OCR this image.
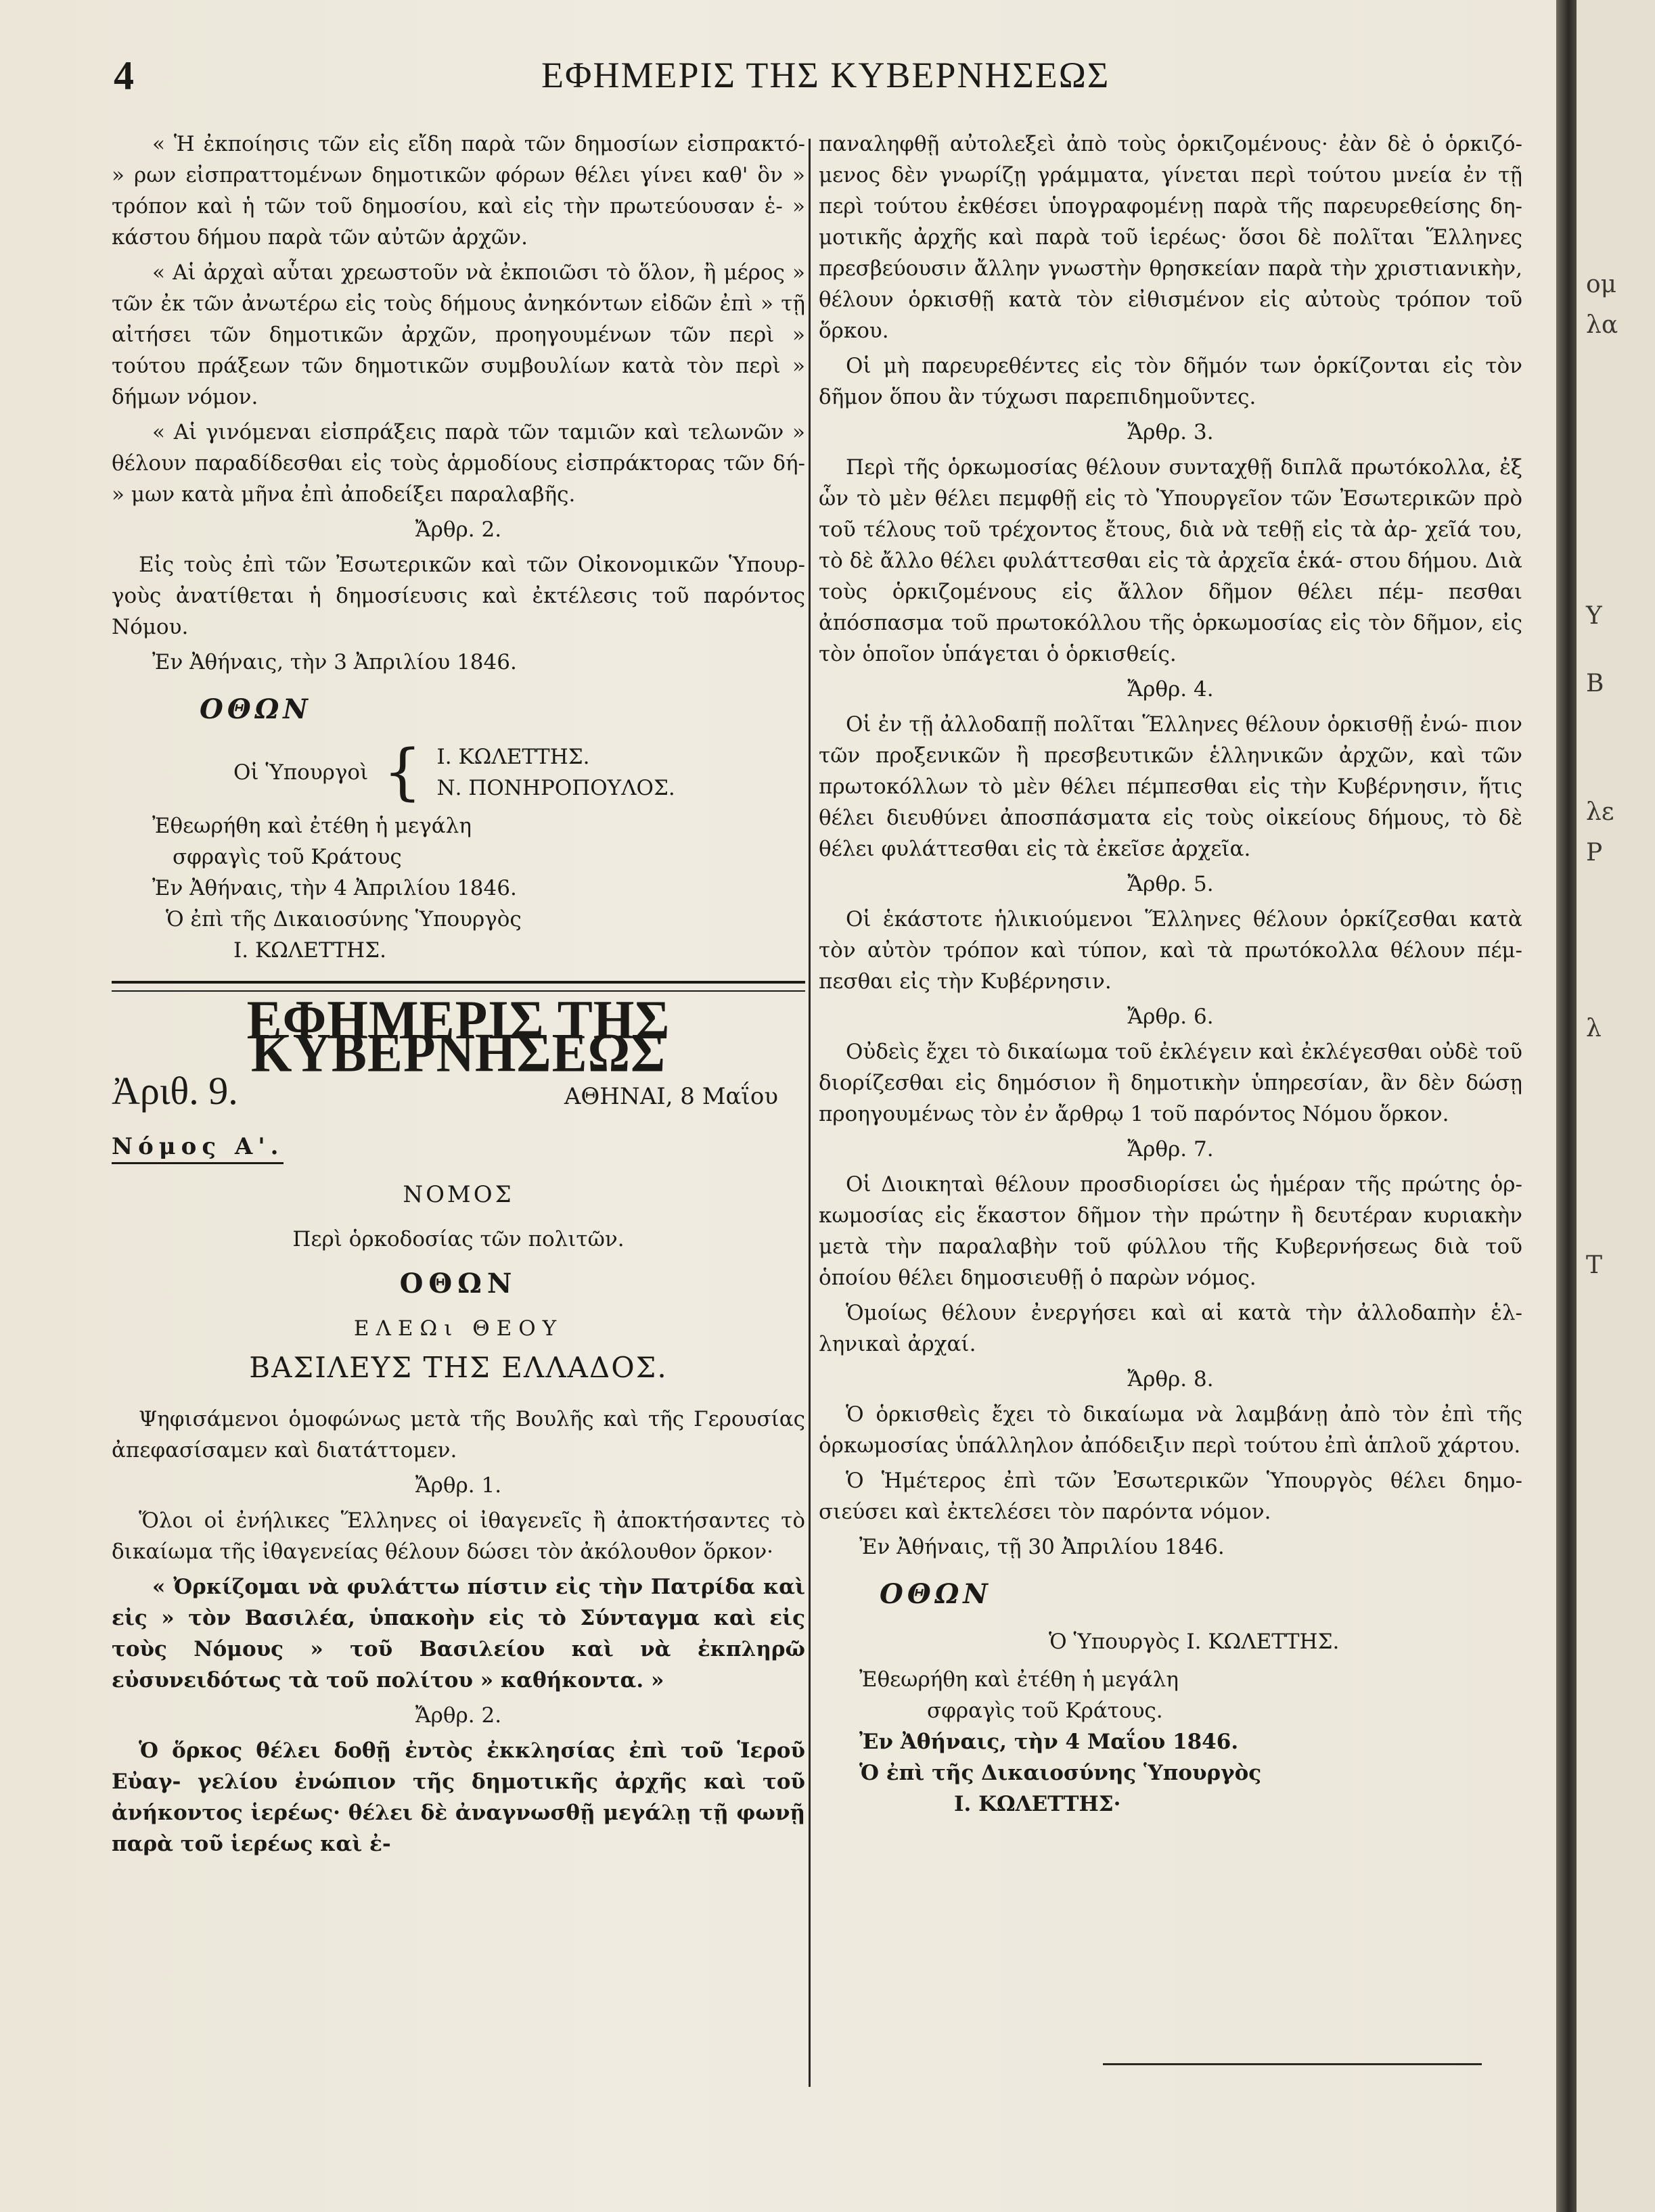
4	ΕΦΗΜΕΡΙΣ ΤΗΣ ΚΥΒΕΡΝΗΣΕΩΣ

« Ἡ ἐκποίησις τῶν εἰς εἴδη παρὰ τῶν δημοσίων εἰσπρακτό- » ρων εἰσπραττομένων δημοτικῶν φόρων θέλει γίνει καθ' ὃν » τρόπον καὶ ἡ τῶν τοῦ δημοσίου, καὶ εἰς τὴν πρωτεύουσαν ἑ- » κάστου δήμου παρὰ τῶν αὐτῶν ἀρχῶν.

« Αἱ ἀρχαὶ αὗται χρεωστοῦν νὰ ἐκποιῶσι τὸ ὅλον, ἢ μέρος » τῶν ἐκ τῶν ἀνωτέρω εἰς τοὺς δήμους ἀνηκόντων εἰδῶν ἐπὶ » τῇ αἰτήσει τῶν δημοτικῶν ἀρχῶν, προηγουμένων τῶν περὶ » τούτου πράξεων τῶν δημοτικῶν συμβουλίων κατὰ τὸν περὶ » δήμων νόμον.

« Αἱ γινόμεναι εἰσπράξεις παρὰ τῶν ταμιῶν καὶ τελωνῶν » θέλουν παραδίδεσθαι εἰς τοὺς ἁρμοδίους εἰσπράκτορας τῶν δή- » μων κατὰ μῆνα ἐπὶ ἀποδείξει παραλαβῆς.

Ἄρθρ. 2.

Εἰς τοὺς ἐπὶ τῶν Ἐσωτερικῶν καὶ τῶν Οἰκονομικῶν Ὑπουρ- γοὺς ἀνατίθεται ἡ δημοσίευσις καὶ ἐκτέλεσις τοῦ παρόντος Νόμου.

Ἐν Ἀθήναις, τὴν 3 Ἀπριλίου 1846.

ΟΘΩΝ
Οἱ Ὑπουργοὶ { Ι. ΚΩΛΕΤΤΗΣ.
Ν. ΠΟΝΗΡΟΠΟΥΛΟΣ.
Ἐθεωρήθη καὶ ἐτέθη ἡ μεγάλη
σφραγὶς τοῦ Κράτους
Ἐν Ἀθήναις, τὴν 4 Ἀπριλίου 1846.
Ὁ ἐπὶ τῆς Δικαιοσύνης Ὑπουργὸς
Ι. ΚΩΛΕΤΤΗΣ.
ΕΦΗΜΕΡΙΣ ΤΗΣ ΚΥΒΕΡΝΗΣΕΩΣ
Ἀριθ. 9.	ΑΘΗΝΑΙ, 8 Μαΐου
Νόμος Α'.

ΝΟΜΟΣ

Περὶ ὁρκοδοσίας τῶν πολιτῶν.

ΟΘΩΝ

ΕΛΕΩι ΘΕΟΥ

ΒΑΣΙΛΕΥΣ ΤΗΣ ΕΛΛΑΔΟΣ.

Ψηφισάμενοι ὁμοφώνως μετὰ τῆς Βουλῆς καὶ τῆς Γερουσίας ἀπεφασίσαμεν καὶ διατάττομεν.

Ἄρθρ. 1.

Ὅλοι οἱ ἐνήλικες Ἕλληνες οἱ ἰθαγενεῖς ἢ ἀποκτήσαντες τὸ δικαίωμα τῆς ἰθαγενείας θέλουν δώσει τὸν ἀκόλουθον ὅρκον·

« Ὀρκίζομαι νὰ φυλάττω πίστιν εἰς τὴν Πατρίδα καὶ εἰς » τὸν Βασιλέα, ὑπακοὴν εἰς τὸ Σύνταγμα καὶ εἰς τοὺς Νόμους » τοῦ Βασιλείου καὶ νὰ ἐκπληρῶ εὐσυνειδότως τὰ τοῦ πολίτου » καθήκοντα. »

Ἄρθρ. 2.

Ὁ ὅρκος θέλει δοθῇ ἐντὸς ἐκκλησίας ἐπὶ τοῦ Ἱεροῦ Εὐαγ- γελίου ἐνώπιον τῆς δημοτικῆς ἀρχῆς καὶ τοῦ ἀνήκοντος ἱερέως· θέλει δὲ ἀναγνωσθῇ μεγάλῃ τῇ φωνῇ παρὰ τοῦ ἱερέως καὶ ἐ-

παναληφθῇ αὐτολεξεὶ ἀπὸ τοὺς ὁρκιζομένους· ἐὰν δὲ ὁ ὁρκιζό- μενος δὲν γνωρίζῃ γράμματα, γίνεται περὶ τούτου μνεία ἐν τῇ περὶ τούτου ἐκθέσει ὑπογραφομένῃ παρὰ τῆς παρευρεθείσης δη- μοτικῆς ἀρχῆς καὶ παρὰ τοῦ ἱερέως· ὅσοι δὲ πολῖται Ἕλληνες πρεσβεύουσιν ἄλλην γνωστὴν θρησκείαν παρὰ τὴν χριστιανικὴν, θέλουν ὁρκισθῇ κατὰ τὸν εἰθισμένον εἰς αὐτοὺς τρόπον τοῦ ὅρκου.

Οἱ μὴ παρευρεθέντες εἰς τὸν δῆμόν των ὁρκίζονται εἰς τὸν δῆμον ὅπου ἂν τύχωσι παρεπιδημοῦντες.

Ἄρθρ. 3.

Περὶ τῆς ὁρκωμοσίας θέλουν συνταχθῇ διπλᾶ πρωτόκολλα, ἐξ ὧν τὸ μὲν θέλει πεμφθῇ εἰς τὸ Ὑπουργεῖον τῶν Ἐσωτερικῶν πρὸ τοῦ τέλους τοῦ τρέχοντος ἔτους, διὰ νὰ τεθῇ εἰς τὰ ἀρ- χεῖά του, τὸ δὲ ἄλλο θέλει φυλάττεσθαι εἰς τὰ ἀρχεῖα ἑκά- στου δήμου. Διὰ τοὺς ὁρκιζομένους εἰς ἄλλον δῆμον θέλει πέμ- πεσθαι ἀπόσπασμα τοῦ πρωτοκόλλου τῆς ὁρκωμοσίας εἰς τὸν δῆμον, εἰς τὸν ὁποῖον ὑπάγεται ὁ ὁρκισθείς.

Ἄρθρ. 4.

Οἱ ἐν τῇ ἀλλοδαπῇ πολῖται Ἕλληνες θέλουν ὁρκισθῇ ἐνώ- πιον τῶν προξενικῶν ἢ πρεσβευτικῶν ἑλληνικῶν ἀρχῶν, καὶ τῶν πρωτοκόλλων τὸ μὲν θέλει πέμπεσθαι εἰς τὴν Κυβέρνησιν, ἥτις θέλει διευθύνει ἀποσπάσματα εἰς τοὺς οἰκείους δήμους, τὸ δὲ θέλει φυλάττεσθαι εἰς τὰ ἐκεῖσε ἀρχεῖα.

Ἄρθρ. 5.

Οἱ ἑκάστοτε ἡλικιούμενοι Ἕλληνες θέλουν ὁρκίζεσθαι κατὰ τὸν αὐτὸν τρόπον καὶ τύπον, καὶ τὰ πρωτόκολλα θέλουν πέμ- πεσθαι εἰς τὴν Κυβέρνησιν.

Ἄρθρ. 6.

Οὐδεὶς ἔχει τὸ δικαίωμα τοῦ ἐκλέγειν καὶ ἐκλέγεσθαι οὐδὲ τοῦ διορίζεσθαι εἰς δημόσιον ἢ δημοτικὴν ὑπηρεσίαν, ἂν δὲν δώσῃ προηγουμένως τὸν ἐν ἄρθρῳ 1 τοῦ παρόντος Νόμου ὅρκον.

Ἄρθρ. 7.

Οἱ Διοικηταὶ θέλουν προσδιορίσει ὡς ἡμέραν τῆς πρώτης ὁρ- κωμοσίας εἰς ἕκαστον δῆμον τὴν πρώτην ἢ δευτέραν κυριακὴν μετὰ τὴν παραλαβὴν τοῦ φύλλου τῆς Κυβερνήσεως διὰ τοῦ ὁποίου θέλει δημοσιευθῇ ὁ παρὼν νόμος.

Ὁμοίως θέλουν ἐνεργήσει καὶ αἱ κατὰ τὴν ἀλλοδαπὴν ἑλ- ληνικαὶ ἀρχαί.

Ἄρθρ. 8.

Ὁ ὁρκισθεὶς ἔχει τὸ δικαίωμα νὰ λαμβάνῃ ἀπὸ τὸν ἐπὶ τῆς ὁρκωμοσίας ὑπάλληλον ἀπόδειξιν περὶ τούτου ἐπὶ ἁπλοῦ χάρτου.

Ὁ Ἡμέτερος ἐπὶ τῶν Ἐσωτερικῶν Ὑπουργὸς θέλει δημο- σιεύσει καὶ ἐκτελέσει τὸν παρόντα νόμον.

Ἐν Ἀθήναις, τῇ 30 Ἀπριλίου 1846.

ΟΘΩΝ

Ὁ Ὑπουργὸς Ι. ΚΩΛΕΤΤΗΣ.

Ἐθεωρήθη καὶ ἐτέθη ἡ μεγάλη
σφραγὶς τοῦ Κράτους.
Ἐν Ἀθήναις, τὴν 4 Μαΐου 1846.
Ὁ ἐπὶ τῆς Δικαιοσύνης Ὑπουργὸς
Ι. ΚΩΛΕΤΤΗΣ·
ομ
λα
Υ
Β
λε
Ρ
λ
Τ
